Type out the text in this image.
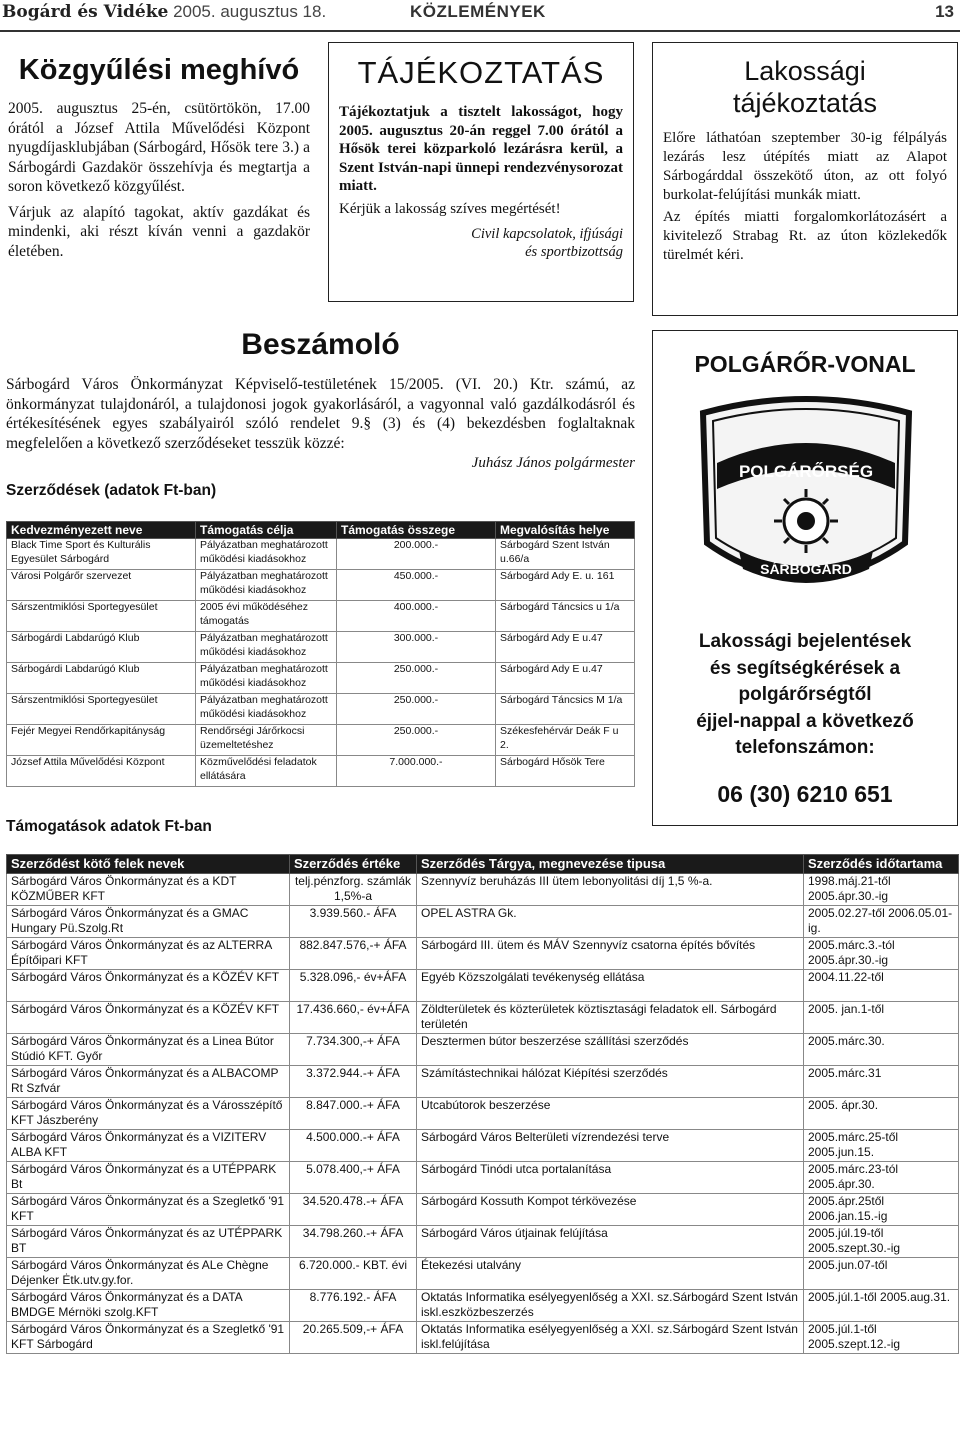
Bogárd és Vidéke 2005. augusztus 18.	KÖZLEMÉNYEK	13
Közgyűlési meghívó

2005. augusztus 25-én, csütörtökön, 17.00 órától a József Attila Művelődési Központ nyugdíjasklubjában (Sárbogárd, Hősök tere 3.) a Sárbogárdi Gazdakör összehívja és megtartja a soron következő közgyűlést.

Várjuk az alapító tagokat, aktív gazdákat és mindenki, aki részt kíván venni a gazdakör életében.

TÁJÉKOZTATÁS

Tájékoztatjuk a tisztelt lakosságot, hogy 2005. augusztus 20-án reggel 7.00 órától a Hősök terei közparkoló lezárásra kerül, a Szent István-napi ünnepi rendezvénysorozat miatt.

Kérjük a lakosság szíves megértését!

Civil kapcsolatok, ifjúsági

és sportbizottság

Lakossági
tájékoztatás

Előre láthatóan szeptember 30-ig félpályás lezárás lesz útépítés miatt az Alapot Sárbogárddal összekötő úton, az ott folyó burkolat-felújítási munkák miatt.

Az építés miatti forgalomkorlátozásért a kivitelező Strabag Rt. az úton közlekedők türelmét kéri.

Beszámoló

Sárbogárd Város Önkormányzat Képviselő-testületének 15/2005. (VI. 20.) Ktr. számú, az önkormányzat tulajdonáról, a tulajdonosi jogok gyakorlásáról, a vagyonnal való gazdálkodásról és értékesítésének egyes szabályairól szóló rendelet 9.§ (3) és (4) bekezdésben foglaltaknak megfelelően a következő szerződéseket tesszük közzé:

Juhász János polgármester

Szerződések (adatok Ft-ban)
Kedvezményezett neve	Támogatás célja	Támogatás összege	Megvalósítás helye
Black Time Sport és Kulturális Egyesület Sárbogárd	Pályázatban meghatározott működési kiadásokhoz	200.000.-	Sárbogárd Szent István u.66/a
Városi Polgárőr szervezet	Pályázatban meghatározott működési kiadásokhoz	450.000.-	Sárbogárd Ady E. u. 161
Sárszentmiklósi Sportegyesület	2005 évi működéséhez támogatás	400.000.-	Sárbogárd Táncsics u 1/a
Sárbogárdi Labdarúgó Klub	Pályázatban meghatározott működési kiadásokhoz	300.000.-	Sárbogárd Ady E u.47
Sárbogárdi Labdarúgó Klub	Pályázatban meghatározott működési kiadásokhoz	250.000.-	Sárbogárd Ady E u.47
Sárszentmiklósi Sportegyesület	Pályázatban meghatározott működési kiadásokhoz	250.000.-	Sárbogárd Táncsics M 1/a
Fejér Megyei Rendőrkapitányság	Rendőrségi Járőrkocsi üzemeltetéshez	250.000.-	Székesfehérvár Deák F u 2.
József Attila Művelődési Központ	Közművelődési feladatok ellátására	7.000.000.-	Sárbogárd Hősök Tere
Támogatások adatok Ft-ban
Szerződést kötő felek nevek	Szerződés értéke	Szerződés Tárgya, megnevezése tipusa	Szerződés időtartama
Sárbogárd Város Önkormányzat és a KDT KÖZMŰBER KFT	telj.pénzforg. számlák 1,5%-a	Szennyvíz beruházás III ütem lebonyolitási díj 1,5 %-a.	1998.máj.21-től 2005.ápr.30.-ig
Sárbogárd Város Önkormányzat és a GMAC Hungary Pü.Szolg.Rt	3.939.560.- ÁFA	OPEL ASTRA Gk.	2005.02.27-től 2006.05.01-ig.
Sárbogárd Város Önkormányzat és az ALTERRA Építőipari KFT	882.847.576,-+ ÁFA	Sárbogárd III. ütem és MÁV Szennyvíz csatorna építés bővítés	2005.márc.3.-tól 2005.ápr.30.-ig
Sárbogárd Város Önkormányzat és a KÖZÉV KFT	5.328.096,- év+ÁFA	Egyéb Közszolgálati tevékenység ellátása	2004.11.22-től
Sárbogárd Város Önkormányzat és a KÖZÉV KFT	17.436.660,- év+ÁFA	Zöldterületek és közterületek köztisztasági feladatok ell. Sárbogárd területén	2005. jan.1-től
Sárbogárd Város Önkormányzat és a Linea Bútor Stúdió KFT. Győr	7.734.300,-+ ÁFA	Desztermen bútor beszerzése szállítási szerződés	2005.márc.30.
Sárbogárd Város Önkormányzat és a ALBACOMP Rt Szfvár	3.372.944.-+ ÁFA	Számítástechnikai hálózat Kiépítési szerződés	2005.márc.31
Sárbogárd Város Önkormányzat és a Városszépítő KFT Jászberény	8.847.000.-+ ÁFA	Utcabútorok beszerzése	2005. ápr.30.
Sárbogárd Város Önkormányzat és a VIZITERV ALBA KFT	4.500.000.-+ ÁFA	Sárbogárd Város Belterületi vízrendezési terve	2005.márc.25-től 2005.jun.15.
Sárbogárd Város Önkormányzat és a UTÉPPARK Bt	5.078.400,-+ ÁFA	Sárbogárd Tinódi utca portalanítása	2005.márc.23-tól 2005.ápr.30.
Sárbogárd Város Önkormányzat és a Szegletkő '91 KFT	34.520.478.-+ ÁFA	Sárbogárd Kossuth Kompot térkövezése	2005.ápr.25től 2006.jan.15.-ig
Sárbogárd Város Önkormányzat és az UTÉPPARK BT	34.798.260.-+ ÁFA	Sárbogárd Város útjainak felújítása	2005.júl.19-től 2005.szept.30.-ig
Sárbogárd Város Önkormányzat és ALe Chègne Déjenker Ėtk.utv.gy.for.	6.720.000.- KBT. évi	Étekezési utalvány	2005.jun.07-től
Sárbogárd Város Önkormányzat és a DATA BMDGE Mérnöki szolg.KFT	8.776.192.- ÁFA	Oktatás Informatika esélyegyenlőség a XXI. sz.Sárbogárd Szent István iskl.eszközbeszerzés	2005.júl.1-től 2005.aug.31.
Sárbogárd Város Önkormányzat és a Szegletkő '91 KFT Sárbogárd	20.265.509,-+ ÁFA	Oktatás Informatika esélyegyenlőség a XXI. sz.Sárbogárd Szent István iskl.felújítása	2005.júl.1-től 2005.szept.12.-ig
POLGÁRŐR-VONAL
POLGÁRŐRSÉG
SÁRBOGÁRD
Lakossági bejelentések
és segítségkérések a
polgárőrségtől
éjjel-nappal a következő
telefonszámon:
06 (30) 6210 651
